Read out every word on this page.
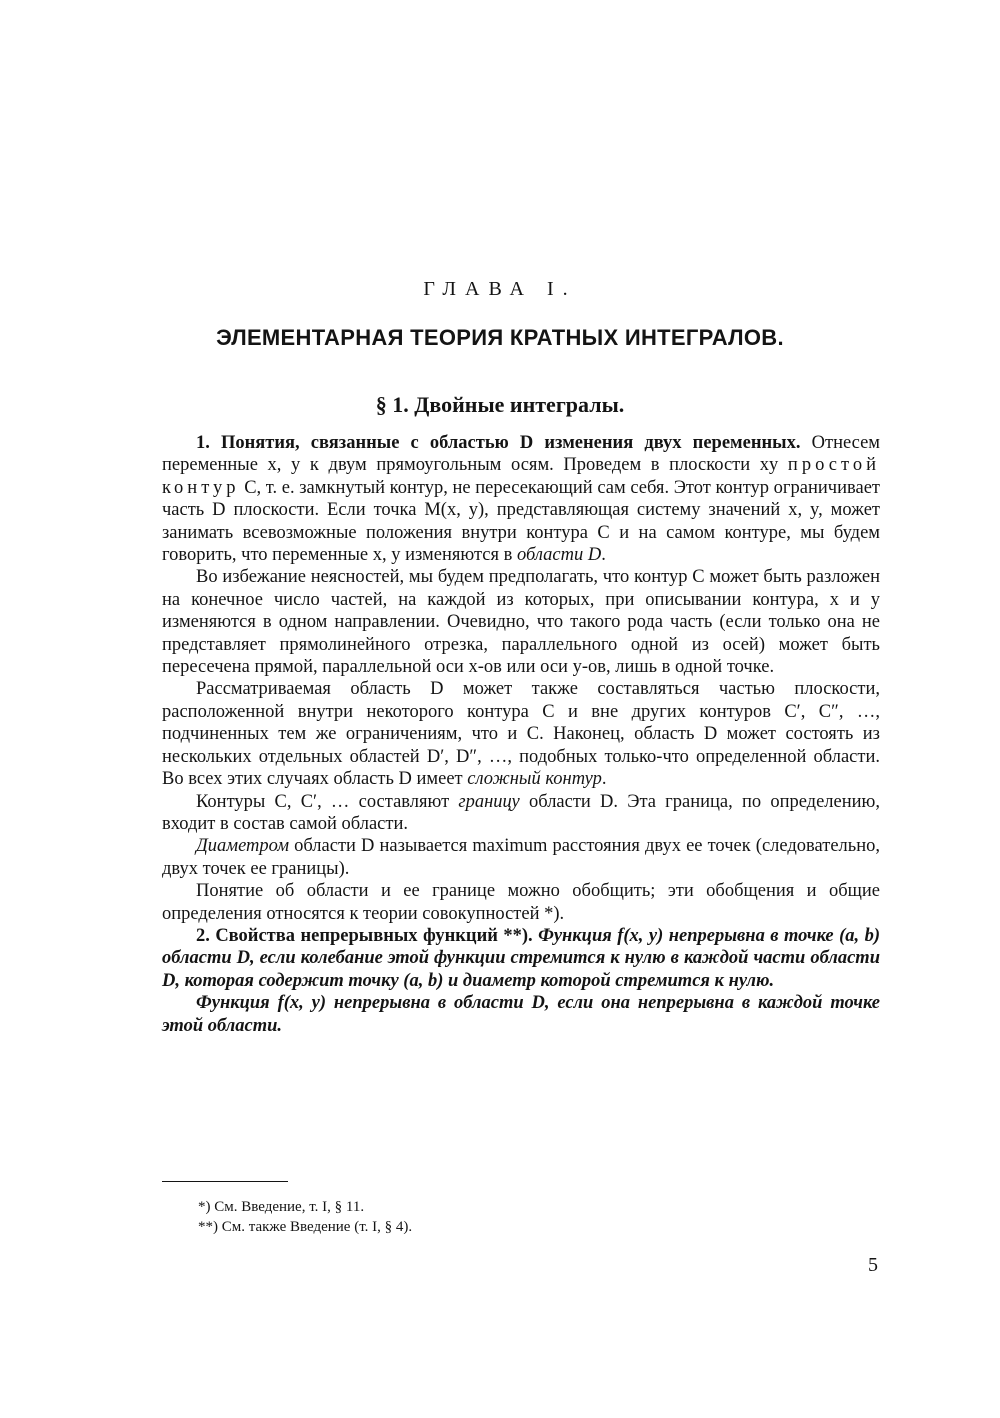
ГЛАВА I.
ЭЛЕМЕНТАРНАЯ ТЕОРИЯ КРАТНЫХ ИНТЕГРАЛОВ.
§ 1. Двойные интегралы.

1. Понятия, связанные с областью D изменения двух переменных. Отнесем переменные x, y к двум прямоугольным осям. Проведем в плоскости xy простой контур C, т. е. замкнутый контур, не пересекающий сам себя. Этот контур ограничивает часть D плоскости. Если точка M(x, y), представляющая систему значений x, y, может занимать всевозможные положения внутри контура C и на самом контуре, мы будем говорить, что переменные x, y изменяются в области D.

Во избежание неясностей, мы будем предполагать, что контур C может быть разложен на конечное число частей, на каждой из которых, при описывании контура, x и y изменяются в одном направлении. Очевидно, что такого рода часть (если только она не представляет прямолинейного отрезка, параллельного одной из осей) может быть пересечена прямой, параллельной оси x-ов или оси y-ов, лишь в одной точке.

Рассматриваемая область D может также составляться частью плоскости, расположенной внутри некоторого контура C и вне других контуров C′, C″, …, подчиненных тем же ограничениям, что и C. Наконец, область D может состоять из нескольких отдельных областей D′, D″, …, подобных только-что определенной области. Во всех этих случаях область D имеет сложный контур.

Контуры C, C′, … составляют границу области D. Эта граница, по определению, входит в состав самой области.

Диаметром области D называется maximum расстояния двух ее точек (следовательно, двух точек ее границы).

Понятие об области и ее границе можно обобщить; эти обобщения и общие определения относятся к теории совокупностей *).

2. Свойства непрерывных функций **). Функция f(x, y) непрерывна в точке (a, b) области D, если колебание этой функции стремится к нулю в каждой части области D, которая содержит точку (a, b) и диаметр которой стремится к нулю.

Функция f(x, y) непрерывна в области D, если она непрерывна в каждой точке этой области.

*) См. Введение, т. I, § 11.
**) См. также Введение (т. I, § 4).
5
